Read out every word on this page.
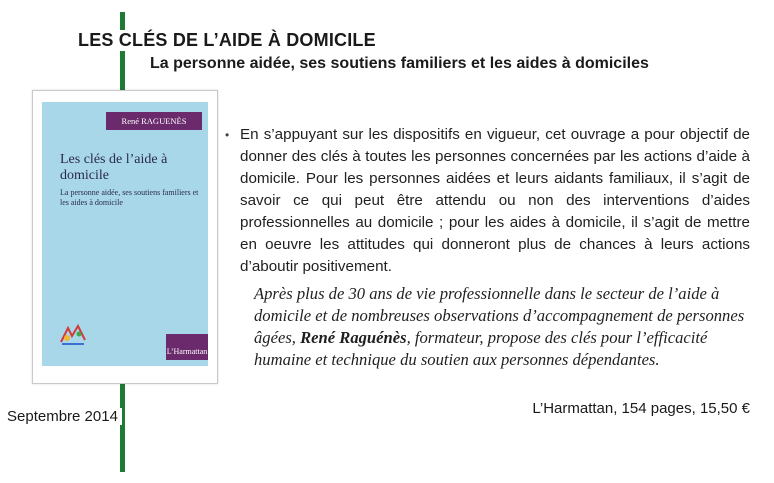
LES CLÉS DE L’AIDE À DOMICILE
La personne aidée, ses soutiens familiers et les aides à domiciles
René RAGUENÈS
Les clés de l’aide à domicile
La personne aidée, ses soutiens familiers et les aides à domicile
L’Harmattan
• En s’appuyant sur les dispositifs en vigueur, cet ouvrage a pour objectif de donner des clés à toutes les personnes concernées par les actions d’aide à domicile. Pour les personnes aidées et leurs aidants familiaux, il s’agit de savoir ce qui peut être attendu ou non des interventions d’aides professionnelles au domicile ; pour les aides à domicile, il s’agit de mettre en oeuvre les attitudes qui donneront plus de chances à leurs actions d’aboutir positivement.
Après plus de 30 ans de vie professionnelle dans le secteur de l’aide à domicile et de nombreuses observations d’accompagnement de personnes âgées, René Raguénès, formateur, propose des clés pour l’efficacité humaine et technique du soutien aux personnes dépendantes.
Septembre 2014	L’Harmattan, 154 pages, 15,50 €
